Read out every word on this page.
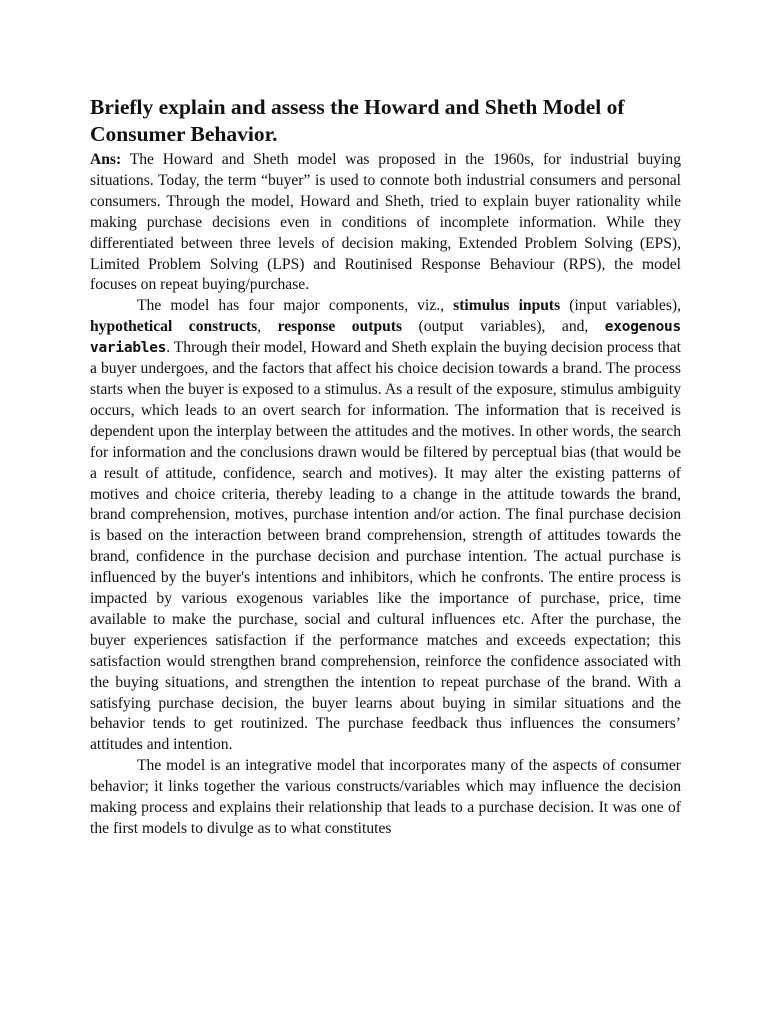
Briefly explain and assess the Howard and Sheth Model of Consumer Behavior.

Ans: The Howard and Sheth model was proposed in the 1960s, for industrial buying situations. Today, the term “buyer” is used to connote both industrial consumers and personal consumers. Through the model, Howard and Sheth, tried to explain buyer rationality while making purchase decisions even in conditions of incomplete information. While they differentiated between three levels of decision making, Extended Problem Solving (EPS), Limited Problem Solving (LPS) and Routinised Response Behaviour (RPS), the model focuses on repeat buying/purchase.

The model has four major components, viz., stimulus inputs (input variables), hypothetical constructs, response outputs (output variables), and, exogenous variables. Through their model, Howard and Sheth explain the buying decision process that a buyer undergoes, and the factors that affect his choice decision towards a brand. The process starts when the buyer is exposed to a stimulus. As a result of the exposure, stimulus ambiguity occurs, which leads to an overt search for information. The information that is received is dependent upon the interplay between the attitudes and the motives. In other words, the search for information and the conclusions drawn would be filtered by perceptual bias (that would be a result of attitude, confidence, search and motives). It may alter the existing patterns of motives and choice criteria, thereby leading to a change in the attitude towards the brand, brand comprehension, motives, purchase intention and/or action. The final purchase decision is based on the interaction between brand comprehension, strength of attitudes towards the brand, confidence in the purchase decision and purchase intention. The actual purchase is influenced by the buyer's intentions and inhibitors, which he confronts. The entire process is impacted by various exogenous variables like the importance of purchase, price, time available to make the purchase, social and cultural influences etc. After the purchase, the buyer experiences satisfaction if the performance matches and exceeds expectation; this satisfaction would strengthen brand comprehension, reinforce the confidence associated with the buying situations, and strengthen the intention to repeat purchase of the brand. With a satisfying purchase decision, the buyer learns about buying in similar situations and the behavior tends to get routinized. The purchase feedback thus influences the consumers’ attitudes and intention.

The model is an integrative model that incorporates many of the aspects of consumer behavior; it links together the various constructs/variables which may influence the decision making process and explains their relationship that leads to a purchase decision. It was one of the first models to divulge as to what constitutes
